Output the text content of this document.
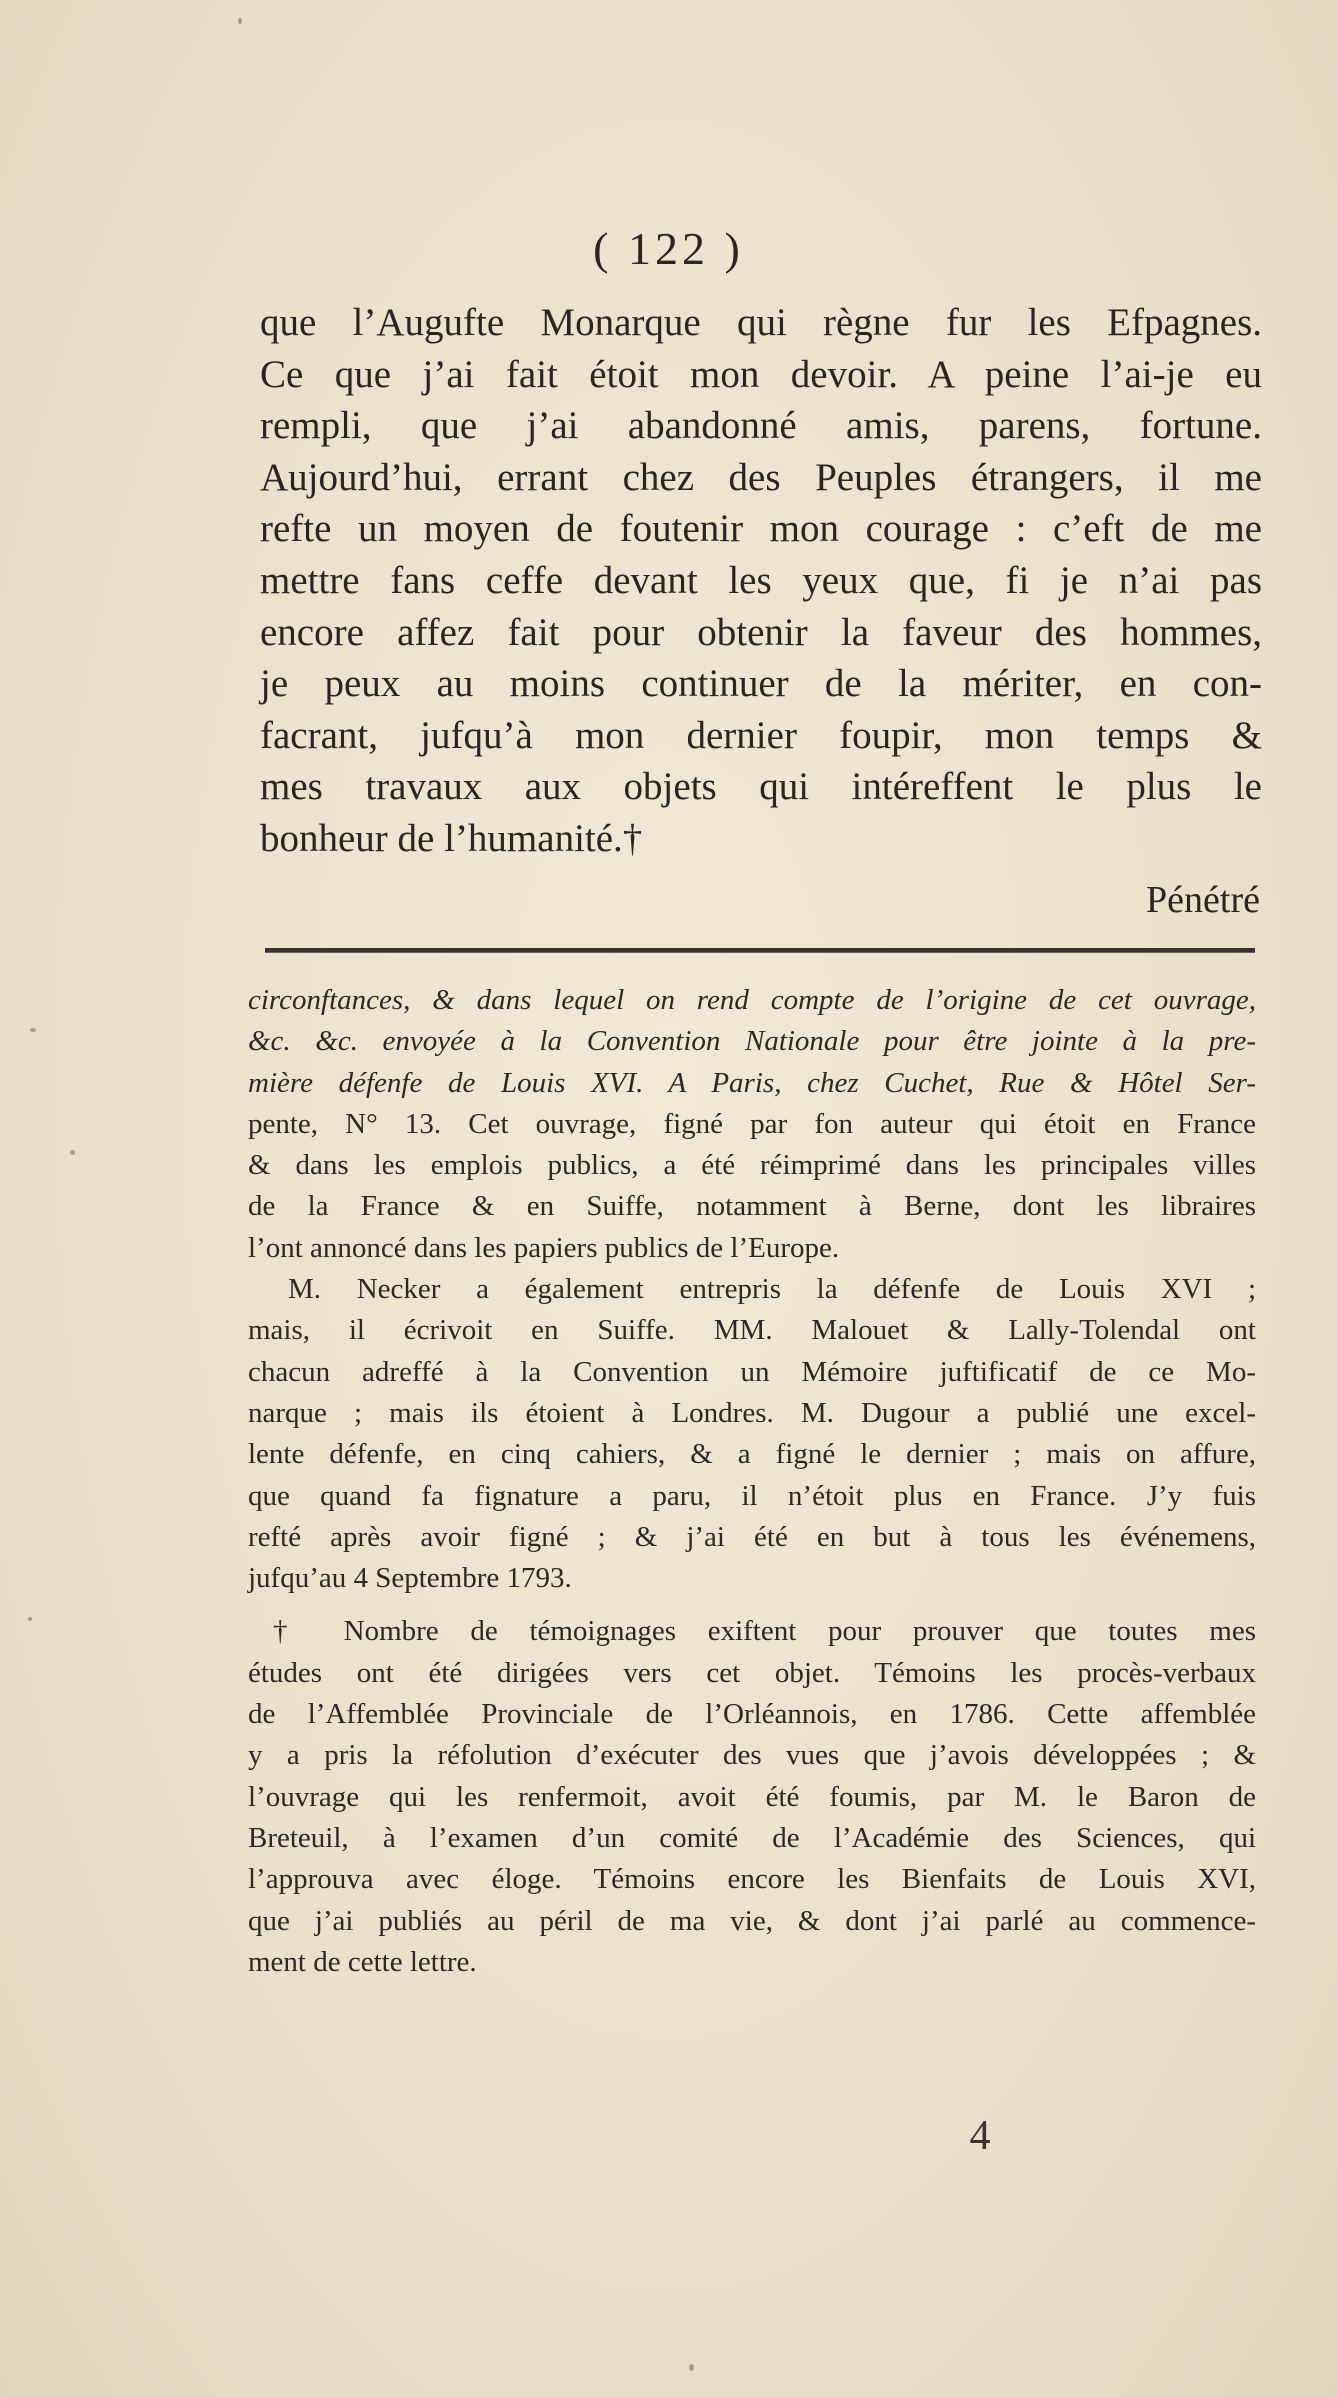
( 122 )
que l’Augufte Monarque qui règne fur les Efpagnes.
Ce que j’ai fait étoit mon devoir. A peine l’ai-je eu
rempli, que j’ai abandonné amis, parens, fortune.
Aujourd’hui, errant chez des Peuples étrangers, il me
refte un moyen de foutenir mon courage : c’eft de me
mettre fans ceffe devant les yeux que, fi je n’ai pas
encore affez fait pour obtenir la faveur des hommes,
je peux au moins continuer de la mériter, en con-
facrant, jufqu’à mon dernier foupir, mon temps &
mes travaux aux objets qui intéreffent le plus le
bonheur de l’humanité.†
Pénétré
circonftances, & dans lequel on rend compte de l’origine de cet ouvrage,
&c. &c. envoyée à la Convention Nationale pour être jointe à la pre-
mière défenfe de Louis XVI. A Paris, chez Cuchet, Rue & Hôtel Ser-
pente, N° 13. Cet ouvrage, figné par fon auteur qui étoit en France
& dans les emplois publics, a été réimprimé dans les principales villes
de la France & en Suiffe, notamment à Berne, dont les libraires
l’ont annoncé dans les papiers publics de l’Europe.
M. Necker a également entrepris la défenfe de Louis XVI ;
mais, il écrivoit en Suiffe. MM. Malouet & Lally-Tolendal ont
chacun adreffé à la Convention un Mémoire juftificatif de ce Mo-
narque ; mais ils étoient à Londres. M. Dugour a publié une excel-
lente défenfe, en cinq cahiers, & a figné le dernier ; mais on affure,
que quand fa fignature a paru, il n’étoit plus en France. J’y fuis
refté après avoir figné ; & j’ai été en but à tous les événemens,
jufqu’au 4 Septembre 1793.
† Nombre de témoignages exiftent pour prouver que toutes mes
études ont été dirigées vers cet objet. Témoins les procès-verbaux
de l’Affemblée Provinciale de l’Orléannois, en 1786. Cette affemblée
y a pris la réfolution d’exécuter des vues que j’avois développées ; &
l’ouvrage qui les renfermoit, avoit été foumis, par M. le Baron de
Breteuil, à l’examen d’un comité de l’Académie des Sciences, qui
l’approuva avec éloge. Témoins encore les Bienfaits de Louis XVI,
que j’ai publiés au péril de ma vie, & dont j’ai parlé au commence-
ment de cette lettre.
4
